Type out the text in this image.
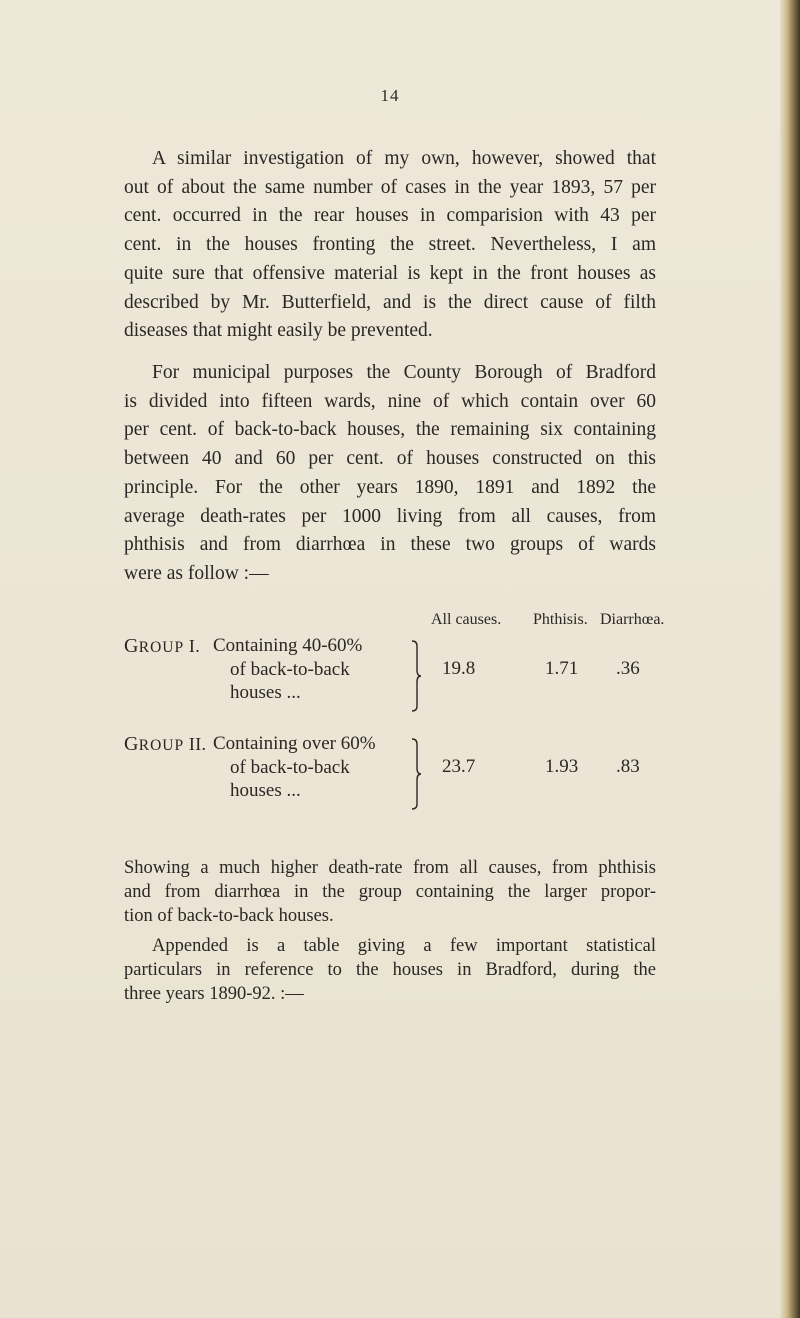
14

A similar investigation of my own, however, showed that
out of about the same number of cases in the year 1893, 57 per
cent. occurred in the rear houses in comparision with 43 per
cent. in the houses fronting the street. Nevertheless, I am
quite sure that offensive material is kept in the front houses as
described by Mr. Butterfield, and is the direct cause of filth
diseases that might easily be prevented.

For municipal purposes the County Borough of Bradford
is divided into fifteen wards, nine of which contain over 60
per cent. of back-to-back houses, the remaining six containing
between 40 and 60 per cent. of houses constructed on this
principle. For the other years 1890, 1891 and 1892 the
average death-rates per 1000 living from all causes, from
phthisis and from diarrhœa in these two groups of wards
were as follow :—

All causes. Phthisis. Diarrhœa.
GROUP I. Containing 40-60%
of back-to-back
houses ...
19.8	1.71 .36
GROUP II. Containing over 60%
of back-to-back
houses ...
23.7	1.93 .83

Showing a much higher death-rate from all causes, from phthisis
and from diarrhœa in the group containing the larger propor-
tion of back-to-back houses.

Appended is a table giving a few important statistical
particulars in reference to the houses in Bradford, during the
three years 1890-92. :—
